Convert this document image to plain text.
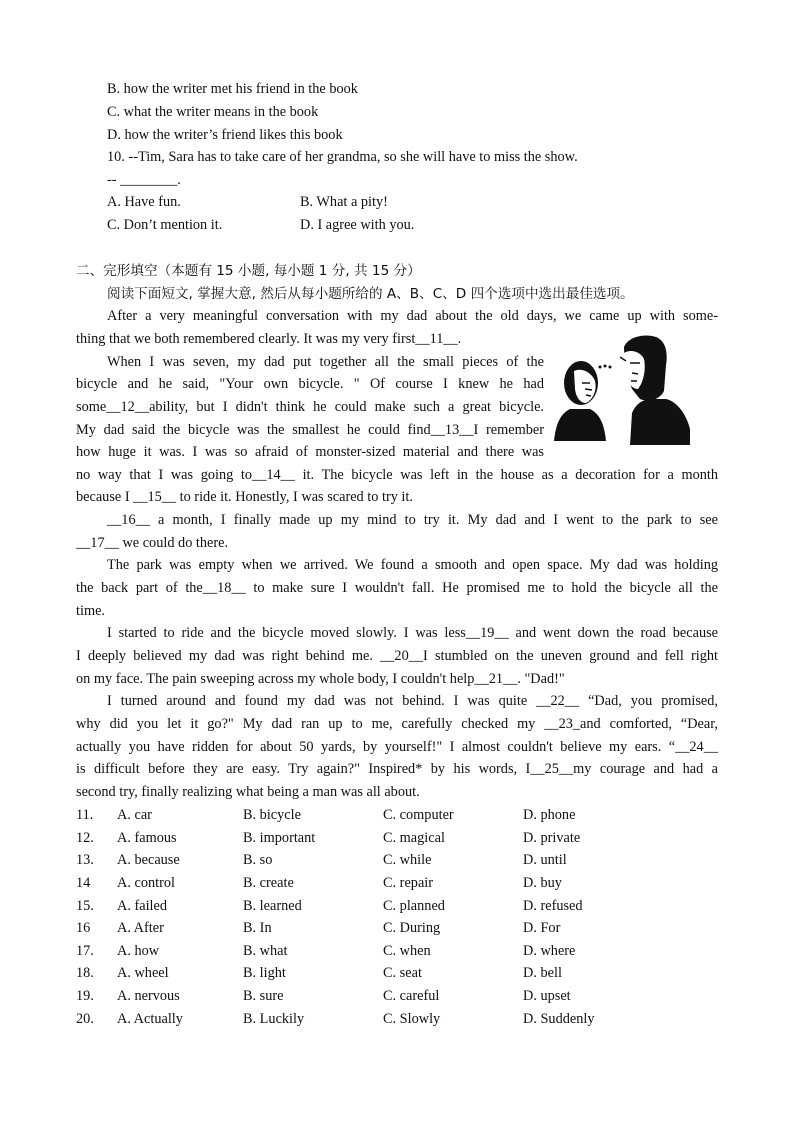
B. how the writer met his friend in the book
C. what the writer means in the book
D. how the writer’s friend likes this book
10. --Tim, Sara has to take care of her grandma, so she will have to miss the show.
-- ________.
A. Have fun.	B. What a pity!
C. Don’t mention it.	D. I agree with you.
二、完形填空（本题有 15 小题, 每小题 1 分, 共 15 分）
阅读下面短文, 掌握大意, 然后从每小题所给的 A、B、C、D 四个选项中选出最佳选项。
After a very meaningful conversation with my dad about the old days, we came up with some-
thing that we both remembered clearly. It was my very first__11__.
When I was seven, my dad put together all the small pieces of the
bicycle and he said, "Your own bicycle. " Of course I knew he had
some__12__ability, but I didn't think he could make such a great bicycle.
My dad said the bicycle was the smallest he could find__13__I remember
how huge it was. I was so afraid of monster-sized material and there was
no way that I was going to__14__ it. The bicycle was left in the house as a decoration for a month
because I __15__ to ride it. Honestly, I was scared to try it.
__16__ a month, I finally made up my mind to try it. My dad and I went to the park to see
__17__ we could do there.
The park was empty when we arrived. We found a smooth and open space. My dad was holding
the back part of the__18__ to make sure I wouldn't fall. He promised me to hold the bicycle all the
time.
I started to ride and the bicycle moved slowly. I was less__19__ and went down the road because
I deeply believed my dad was right behind me. __20__I stumbled on the uneven ground and fell right
on my face. The pain sweeping across my whole body, I couldn't help__21__. "Dad!"
I turned around and found my dad was not behind. I was quite __22__ “Dad, you promised,
why did you let it go?" My dad ran up to me, carefully checked my __23_and comforted, “Dear,
actually you have ridden for about 50 yards, by yourself!" I almost couldn't believe my ears. “__24__
is difficult before they are easy. Try again?" Inspired* by his words, I__25__my courage and had a
second try, finally realizing what being a man was all about.
11. A. car	B. bicycle	C. computer	D. phone
12. A. famous	B. important	C. magical	D. private
13. A. because	B. so	C. while	D. until
14 A. control	B. create	C. repair	D. buy
15. A. failed	B. learned	C. planned	D. refused
16 A. After	B. In	C. During	D. For
17. A. how	B. what	C. when	D. where
18. A. wheel	B. light	C. seat	D. bell
19. A. nervous	B. sure	C. careful	D. upset
20. A. Actually	B. Luckily	C. Slowly	D. Suddenly
